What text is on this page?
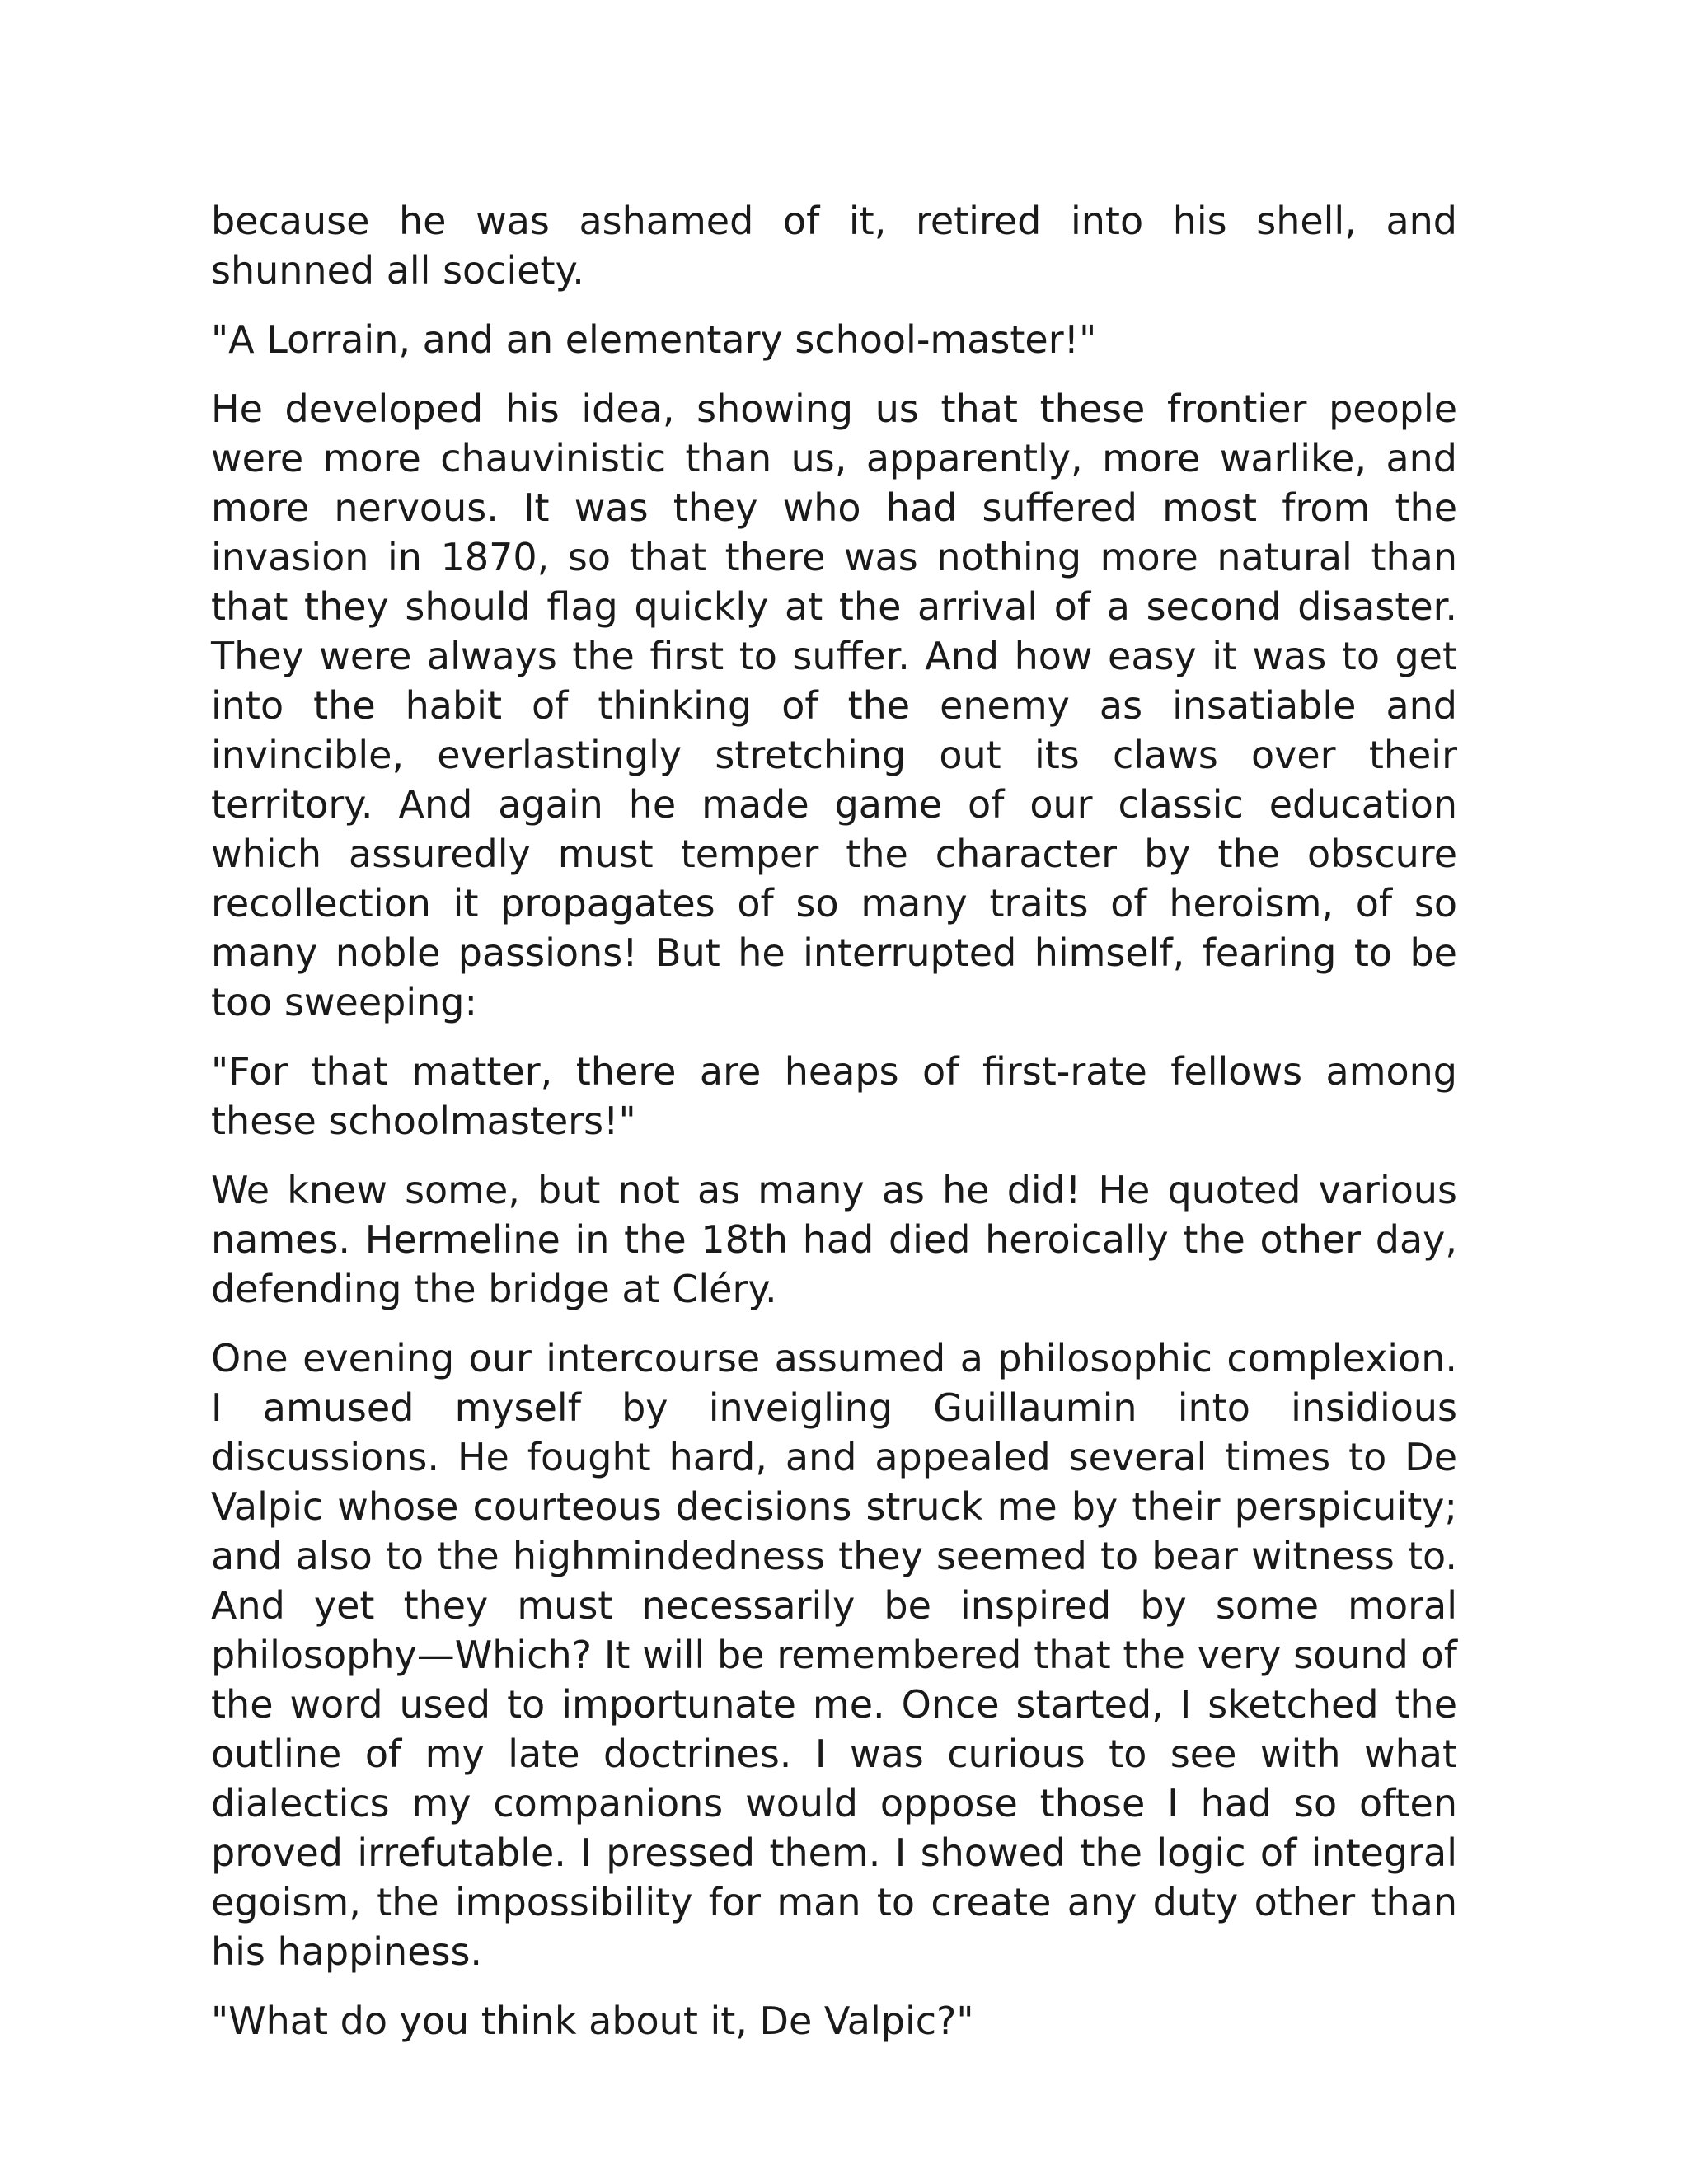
because he was ashamed of it, retired into his shell, and shunned all society.

"A Lorrain, and an elementary school-master!"

He developed his idea, showing us that these frontier people were more chauvinistic than us, apparently, more warlike, and more nervous. It was they who had suffered most from the invasion in 1870, so that there was nothing more natural than that they should flag quickly at the arrival of a second disaster. They were always the first to suffer. And how easy it was to get into the habit of thinking of the enemy as insatiable and invincible, everlastingly stretching out its claws over their territory. And again he made game of our classic education which assuredly must temper the character by the obscure recollection it propagates of so many traits of heroism, of so many noble passions! But he interrupted himself, fearing to be too sweeping:

"For that matter, there are heaps of first-rate fellows among these schoolmasters!"

We knew some, but not as many as he did! He quoted various names. Hermeline in the 18th had died heroically the other day, defending the bridge at Cléry.

One evening our intercourse assumed a philosophic complexion. I amused myself by inveigling Guillaumin into insidious discussions. He fought hard, and appealed several times to De Valpic whose courteous decisions struck me by their perspicuity; and also to the highmindedness they seemed to bear witness to. And yet they must necessarily be inspired by some moral philosophy—Which? It will be remembered that the very sound of the word used to importunate me. Once started, I sketched the outline of my late doctrines. I was curious to see with what dialectics my companions would oppose those I had so often proved irrefutable. I pressed them. I showed the logic of integral egoism, the impossibility for man to create any duty other than his happiness.

"What do you think about it, De Valpic?"
